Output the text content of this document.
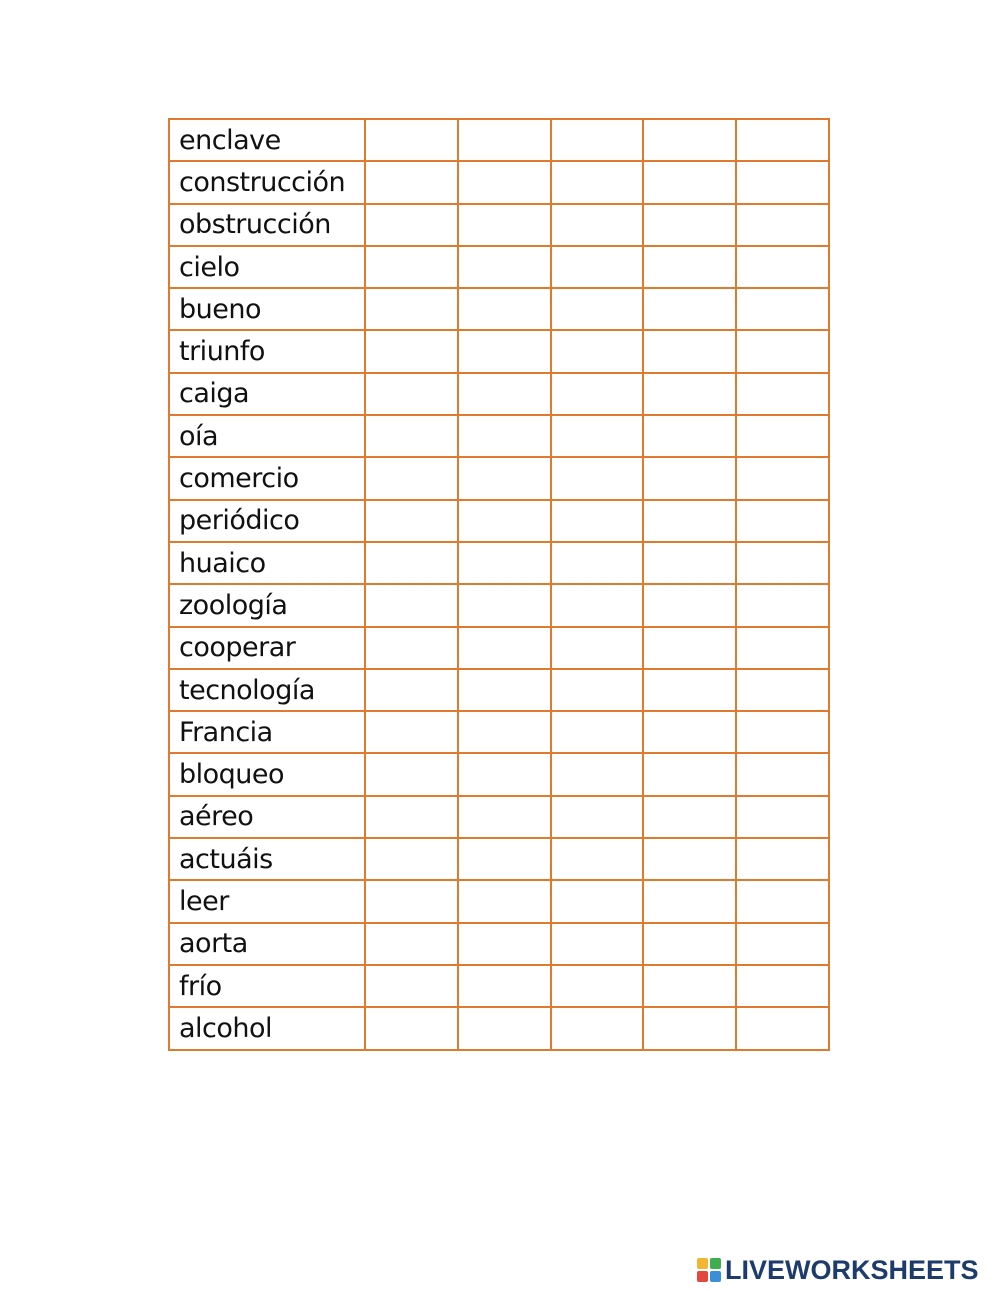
enclave					
construcción					
obstrucción					
cielo					
bueno					
triunfo					
caiga					
oía					
comercio					
periódico					
huaico					
zoología					
cooperar					
tecnología					
Francia					
bloqueo					
aéreo					
actuáis					
leer					
aorta					
frío					
alcohol					
LIVEWORKSHEETS
